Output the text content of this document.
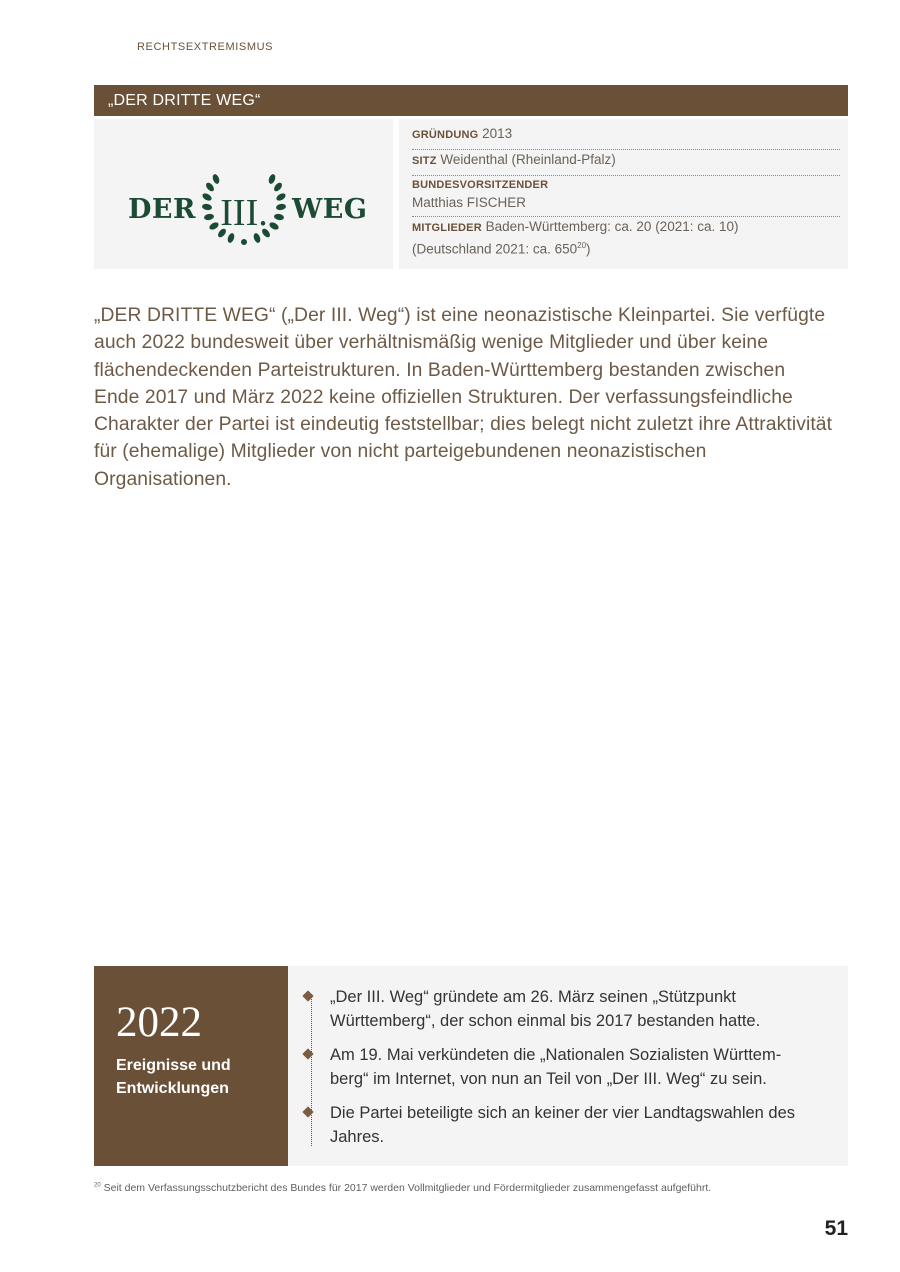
RECHTSEXTREMISMUS
„DER DRITTE WEG“
DER III. WEG
GRÜNDUNG 2013
SITZ Weidenthal (Rheinland-Pfalz)
BUNDESVORSITZENDER
Matthias FISCHER
MITGLIEDER Baden-Württemberg: ca. 20 (2021: ca. 10)
(Deutschland 2021: ca. $650^{20}$)

„DER DRITTE WEG“ („Der III. Weg“) ist eine neonazistische Kleinpartei. Sie verfügte auch 2022 bundesweit über verhältnismäßig wenige Mitglieder und über keine flächendeckenden Parteistrukturen. In Baden-Württemberg bestanden zwischen Ende 2017 und März 2022 keine offiziellen Strukturen. Der verfassungsfeindliche Charakter der Partei ist eindeutig feststellbar; dies belegt nicht zuletzt ihre Attraktivität für (ehemalige) Mitglieder von nicht parteigebundenen neonazistischen Organisationen.

2022
Ereignisse und
Entwicklungen
„Der III. Weg“ gründete am 26. März seinen „Stützpunkt Württemberg“, der schon einmal bis 2017 bestanden hatte.
Am 19. Mai verkündeten die „Nationalen Sozialisten Württemberg“ im Internet, von nun an Teil von „Der III. Weg“ zu sein.
Die Partei beteiligte sich an keiner der vier Landtagswahlen des Jahres.
$^{20}$ Seit dem Verfassungsschutzbericht des Bundes für 2017 werden Vollmitglieder und Fördermitglieder zusammengefasst aufgeführt.
51
